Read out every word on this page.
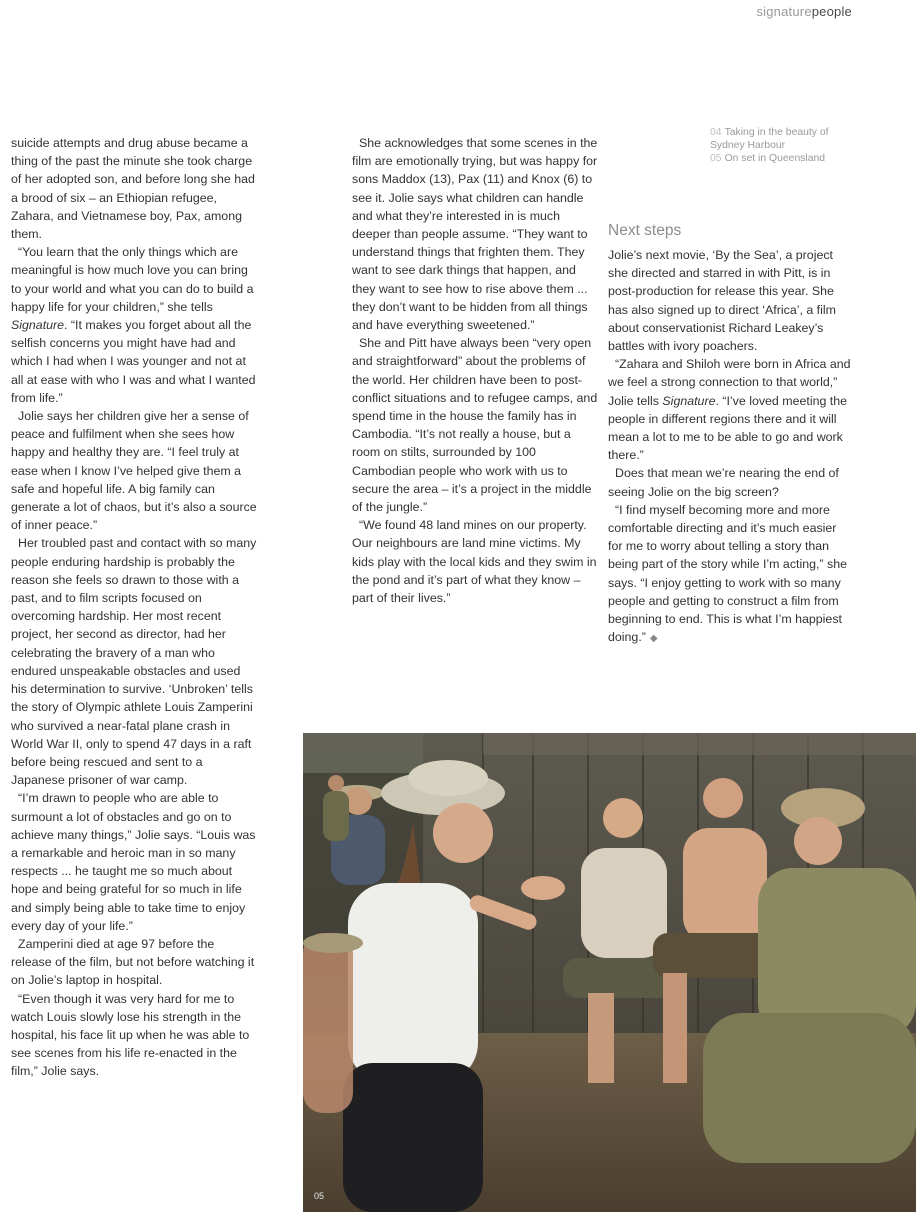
signaturepeople

suicide attempts and drug abuse became a thing of the past the minute she took charge of her adopted son, and before long she had a brood of six – an Ethiopian refugee, Zahara, and Vietnamese boy, Pax, among them.

“You learn that the only things which are meaningful is how much love you can bring to your world and what you can do to build a happy life for your children,” she tells Signature. “It makes you forget about all the selfish concerns you might have had and which I had when I was younger and not at all at ease with who I was and what I wanted from life.”

Jolie says her children give her a sense of peace and fulfilment when she sees how happy and healthy they are. “I feel truly at ease when I know I’ve helped give them a safe and hopeful life. A big family can generate a lot of chaos, but it’s also a source of inner peace.”

Her troubled past and contact with so many people enduring hardship is probably the reason she feels so drawn to those with a past, and to film scripts focused on overcoming hardship. Her most recent project, her second as director, had her celebrating the bravery of a man who endured unspeakable obstacles and used his determination to survive. ‘Unbroken’ tells the story of Olympic athlete Louis Zamperini who survived a near-fatal plane crash in World War II, only to spend 47 days in a raft before being rescued and sent to a Japanese prisoner of war camp.

“I’m drawn to people who are able to surmount a lot of obstacles and go on to achieve many things,” Jolie says. “Louis was a remarkable and heroic man in so many respects ... he taught me so much about hope and being grateful for so much in life and simply being able to take time to enjoy every day of your life.”

Zamperini died at age 97 before the release of the film, but not before watching it on Jolie’s laptop in hospital.

“Even though it was very hard for me to watch Louis slowly lose his strength in the hospital, his face lit up when he was able to see scenes from his life re-enacted in the film,” Jolie says.

She acknowledges that some scenes in the film are emotionally trying, but was happy for sons Maddox (13), Pax (11) and Knox (6) to see it. Jolie says what children can handle and what they’re interested in is much deeper than people assume. “They want to understand things that frighten them. They want to see dark things that happen, and they want to see how to rise above them ... they don’t want to be hidden from all things and have everything sweetened.”

She and Pitt have always been “very open and straightforward” about the problems of the world. Her children have been to post-conflict situations and to refugee camps, and spend time in the house the family has in Cambodia. “It’s not really a house, but a room on stilts, surrounded by 100 Cambodian people who work with us to secure the area – it’s a project in the middle of the jungle.”

“We found 48 land mines on our property. Our neighbours are land mine victims. My kids play with the local kids and they swim in the pond and it’s part of what they know – part of their lives.”

04 Taking in the beauty of Sydney Harbour
05 On set in Queensland
Next steps

Jolie’s next movie, ‘By the Sea’, a project she directed and starred in with Pitt, is in post-production for release this year. She has also signed up to direct ‘Africa’, a film about conservationist Richard Leakey’s battles with ivory poachers.

“Zahara and Shiloh were born in Africa and we feel a strong connection to that world,” Jolie tells Signature. “I’ve loved meeting the people in different regions there and it will mean a lot to me to be able to go and work there.”

Does that mean we’re nearing the end of seeing Jolie on the big screen?

“I find myself becoming more and more comfortable directing and it’s much easier for me to worry about telling a story than being part of the story while I’m acting,” she says. “I enjoy getting to work with so many people and getting to construct a film from beginning to end. This is what I’m happiest doing.” ◆

05
